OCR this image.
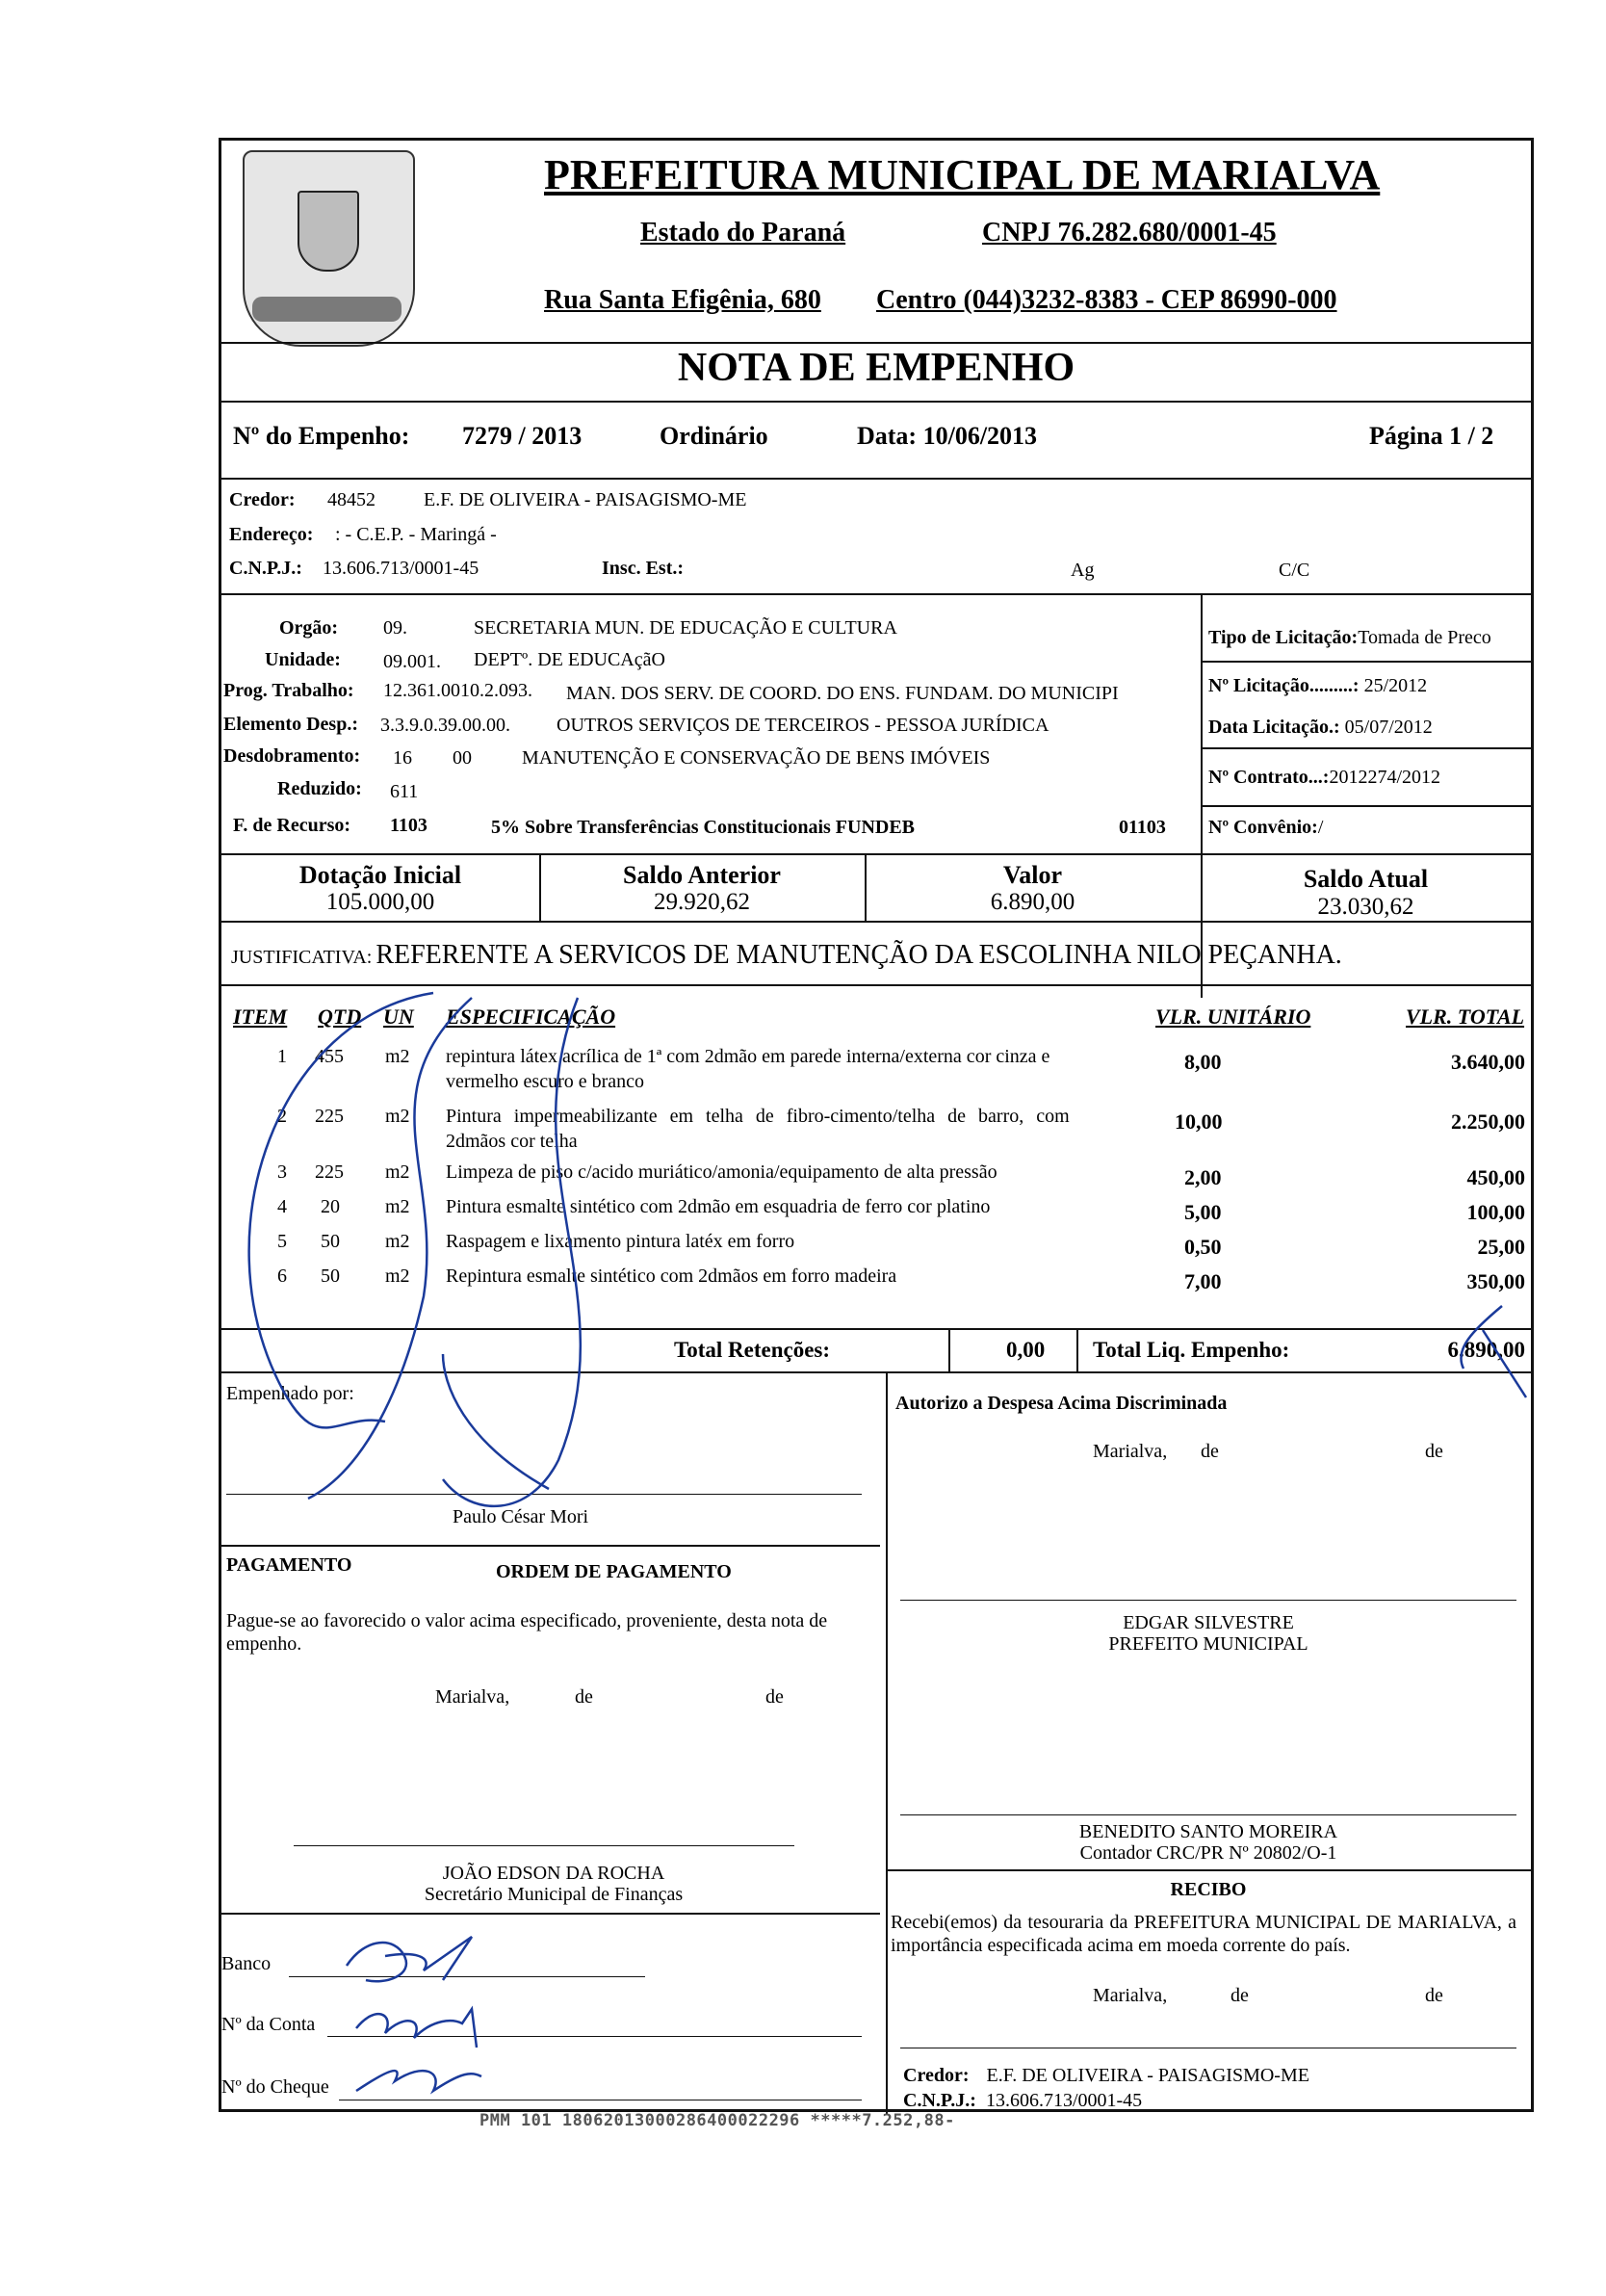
PREFEITURA MUNICIPAL DE MARIALVA
Estado do Paraná	CNPJ 76.282.680/0001-45
Rua Santa Efigênia, 680 Centro (044)3232-8383 - CEP 86990-000
NOTA DE EMPENHO
Nº do Empenho: 7279 / 2013	Ordinário	Data: 10/06/2013	Página 1 / 2
Credor: 48452	E.F. DE OLIVEIRA - PAISAGISMO-ME
Endereço: : - C.E.P. - Maringá -
C.N.P.J.: 13.606.713/0001-45	Insc. Est.:	Ag	C/C
Orgão: 09.	SECRETARIA MUN. DE EDUCAÇÃO E CULTURA
Unidade: 09.001. DEPTº. DE EDUCAçãO
Prog. Trabalho: 12.361.0010.2.093. MAN. DOS SERV. DE COORD. DO ENS. FUNDAM. DO MUNICIPI
Elemento Desp.: 3.3.9.0.39.00.00. OUTROS SERVIÇOS DE TERCEIROS - PESSOA JURÍDICA
Desdobramento: 16 00	MANUTENÇÃO E CONSERVAÇÃO DE BENS IMÓVEIS
Reduzido: 611
F. de Recurso: 1103	5% Sobre Transferências Constitucionais FUNDEB	01103
Tipo de Licitação:Tomada de Preco
Nº Licitação.........: 25/2012
Data Licitação.: 05/07/2012
Nº Contrato...:2012274/2012
Nº Convênio:/
Dotação Inicial
105.000,00
Saldo Anterior
29.920,62
Valor
6.890,00
Saldo Atual
23.030,62
JUSTIFICATIVA: REFERENTE A SERVICOS DE MANUTENÇÃO DA ESCOLINHA NILO PEÇANHA.
ITEM QTD UN ESPECIFICAÇÃO	VLR. UNITÁRIO	VLR. TOTAL
1 455 m2 repintura látex acrílica de 1ª com 2dmão em parede interna/externa cor cinza e
vermelho escuro e branco
8,00	3.640,00
2 225 m2 Pintura impermeabilizante em telha de fibro-cimento/telha de barro, com
2dmãos cor telha
10,00	2.250,00
3 225 m2 Limpeza de piso c/acido muriático/amonia/equipamento de alta pressão	2,00	450,00
4 20 m2 Pintura esmalte sintético com 2dmão em esquadria de ferro cor platino	5,00	100,00
5 50 m2 Raspagem e lixamento pintura latéx em forro	0,50	25,00
6 50 m2 Repintura esmalte sintético com 2dmãos em forro madeira	7,00	350,00
Total Retenções:	0,00 Total Liq. Empenho:	6.890,00
Empenhado por:
Paulo César Mori
Autorizo a Despesa Acima Discriminada
Marialva, de	de
PAGAMENTO	ORDEM DE PAGAMENTO
Pague-se ao favorecido o valor acima especificado, proveniente, desta nota de empenho.
EDGAR SILVESTRE
PREFEITO MUNICIPAL
Marialva,	de	de
BENEDITO SANTO MOREIRA
Contador CRC/PR Nº 20802/O-1
RECIBO
Recebi(emos) da tesouraria da PREFEITURA MUNICIPAL DE MARIALVA, a importância especificada acima em moeda corrente do país.
Marialva,	de	de
JOÃO EDSON DA ROCHA
Secretário Municipal de Finanças
Banco
Nº da Conta
Nº do Cheque
Credor: E.F. DE OLIVEIRA - PAISAGISMO-ME
C.N.P.J.: 13.606.713/0001-45
PMM 101 18062013000286400022296 *****7.252,88-
